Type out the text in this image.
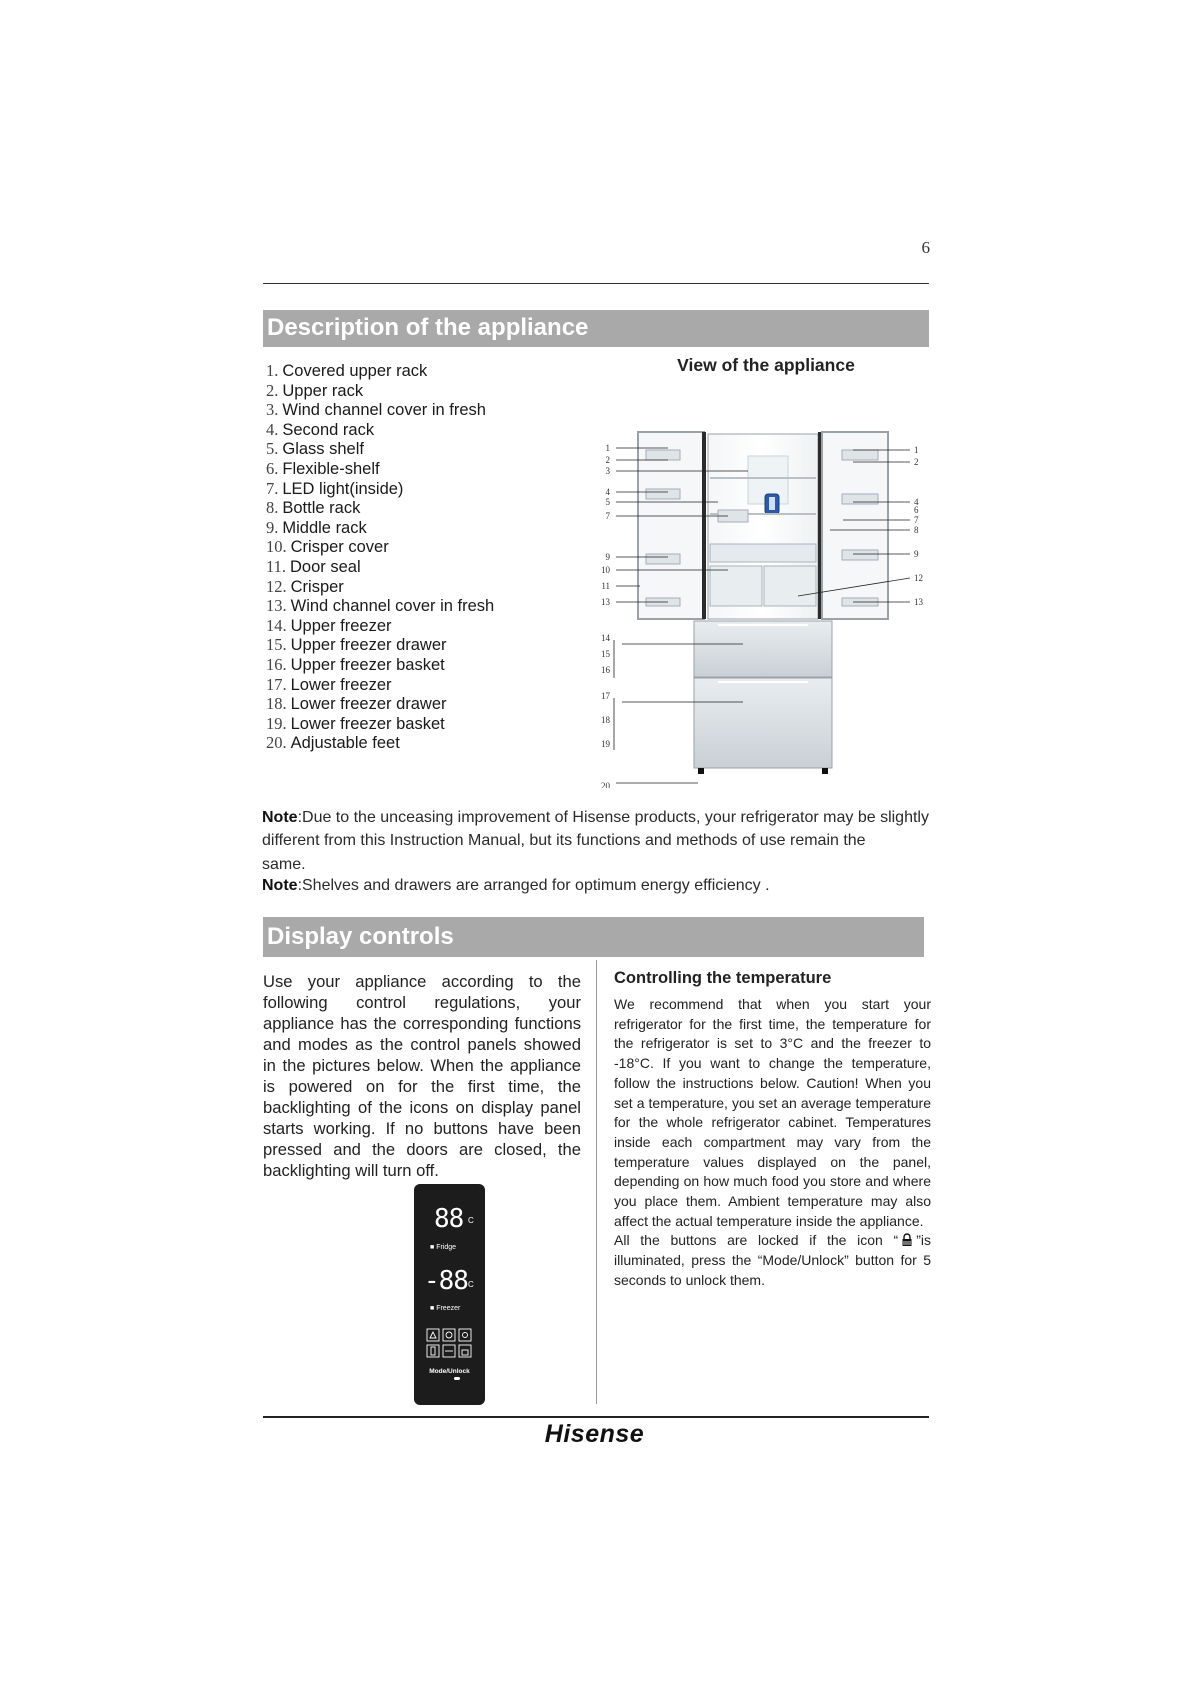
6
Description of the appliance
1. Covered upper rack
2. Upper rack
3. Wind channel cover in fresh
4. Second rack
5. Glass shelf
6. Flexible-shelf
7. LED light(inside)
8. Bottle rack
9. Middle rack
10. Crisper cover
11. Door seal
12. Crisper
13. Wind channel cover in fresh
14. Upper freezer
15. Upper freezer drawer
16. Upper freezer basket
17. Lower freezer
18. Lower freezer drawer
19. Lower freezer basket
20. Adjustable feet
View of the appliance
1
2
3
4
5
7
9
10
11
13
14
15
16
17
18
19
20
1
2
4
6
7
8
9
12
13
Note:Due to the unceasing improvement of Hisense products, your refrigerator may be slightly
different from this Instruction Manual, but its functions and methods of use remain the
same.
Note:Shelves and drawers are arranged for optimum energy efficiency .
Display controls
Use your appliance according to the following control regulations, your appliance has the corresponding functions and modes as the control panels showed in the pictures below. When the appliance is powered on for the first time, the backlighting of the icons on display panel starts working. If no buttons have been pressed and the doors are closed, the backlighting will turn off.
Controlling the temperature

We recommend that when you start your refrigerator for the first time, the temperature for the refrigerator is set to 3°C and the freezer to -18°C. If you want to change the temperature, follow the instructions below. Caution! When you set a temperature, you set an average temperature for the whole refrigerator cabinet. Temperatures inside each compartment may vary from the temperature values displayed on the panel, depending on how much food you store and where you place them. Ambient temperature may also affect the actual temperature inside the appliance.

All the buttons are locked if the icon “ ”is illuminated, press the “Mode/Unlock” button for 5 seconds to unlock them.

88 C
■ Fridge
-88 C
■ Freezer
Mode/Unlock
Hisense
